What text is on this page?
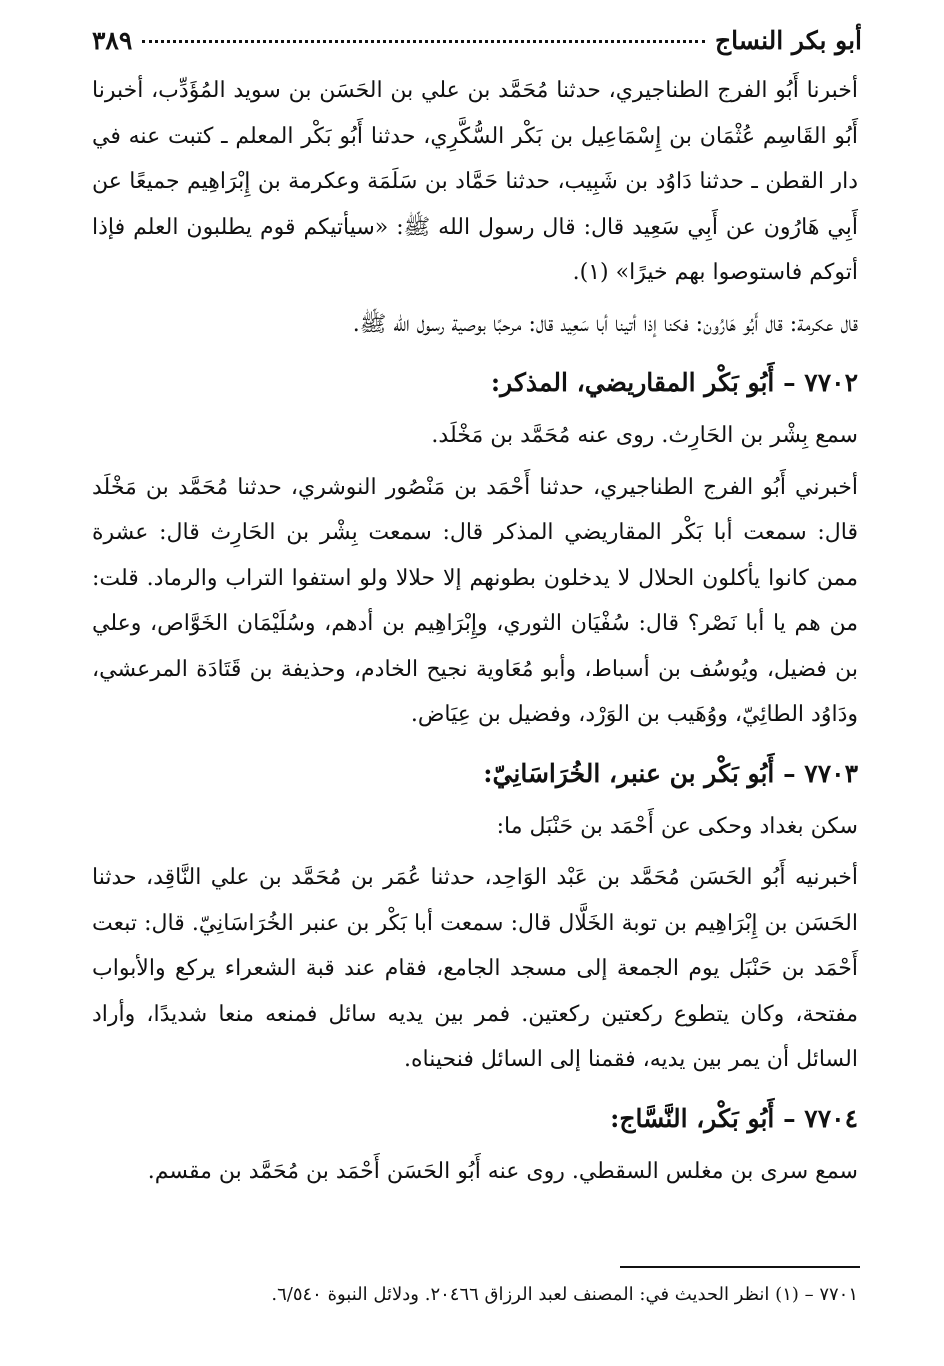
أبو بكر النساج
٣٨٩

أخبرنا أَبُو الفرج الطناجيري، حدثنا مُحَمَّد بن علي بن الحَسَن بن سويد المُؤَدِّب، أخبرنا أَبُو القَاسِم عُثْمَان بن إِسْمَاعِيل بن بَكْر السُّكَّرِي، حدثنا أَبُو بَكْر المعلم ـ كتبت عنه في دار القطن ـ حدثنا دَاوُد بن شَبِيب، حدثنا حَمَّاد بن سَلَمَة وعكرمة بن إِبْرَاهِيم جميعًا عن أَبِي هَارُون عن أَبِي سَعِيد قال: قال رسول الله ﷺ: «سيأتيكم قوم يطلبون العلم فإذا أتوكم فاستوصوا بهم خيرًا» (١).

قال عكرمة: قال أَبُو هَارُون: فكنا إذا أتينا أبا سَعِيد قال: مرحبًا بوصية رسول الله ﷺ.

٧٧٠٢ – أَبُو بَكْر المقاريضي، المذكر:

سمع بِشْر بن الحَارِث. روى عنه مُحَمَّد بن مَخْلَد.

أخبرني أَبُو الفرج الطناجيري، حدثنا أَحْمَد بن مَنْصُور النوشري، حدثنا مُحَمَّد بن مَخْلَد قال: سمعت أبا بَكْر المقاريضي المذكر قال: سمعت بِشْر بن الحَارِث قال: عشرة ممن كانوا يأكلون الحلال لا يدخلون بطونهم إلا حلالا ولو استفوا التراب والرماد. قلت: من هم يا أبا نَصْر؟ قال: سُفْيَان الثوري، وإِبْرَاهِيم بن أدهم، وسُلَيْمَان الخَوَّاص، وعلي بن فضيل، ويُوسُف بن أسباط، وأبو مُعَاوية نجيح الخادم، وحذيفة بن قَتَادَة المرعشي، ودَاوُد الطائِيّ، ووُهَيب بن الوَرْد، وفضيل بن عِيَاض.

٧٧٠٣ – أَبُو بَكْر بن عنبر، الخُرَاسَانِيّ:

سكن بغداد وحكى عن أَحْمَد بن حَنْبَل ما:

أخبرنيه أَبُو الحَسَن مُحَمَّد بن عَبْد الوَاحِد، حدثنا عُمَر بن مُحَمَّد بن علي النَّاقِد، حدثنا الحَسَن بن إِبْرَاهِيم بن توبة الخَلَّال قال: سمعت أبا بَكْر بن عنبر الخُرَاسَانِيّ. قال: تبعت أَحْمَد بن حَنْبَل يوم الجمعة إلى مسجد الجامع، فقام عند قبة الشعراء يركع والأبواب مفتحة، وكان يتطوع ركعتين ركعتين. فمر بين يديه سائل فمنعه منعا شديدًا، وأراد السائل أن يمر بين يديه، فقمنا إلى السائل فنحيناه.

٧٧٠٤ – أَبُو بَكْر، النَّسَّاج:

سمع سرى بن مغلس السقطي. روى عنه أَبُو الحَسَن أَحْمَد بن مُحَمَّد بن مقسم.

٧٧٠١ – (١) انظر الحديث في: المصنف لعبد الرزاق ٢٠٤٦٦. ودلائل النبوة ٦/٥٤٠.
